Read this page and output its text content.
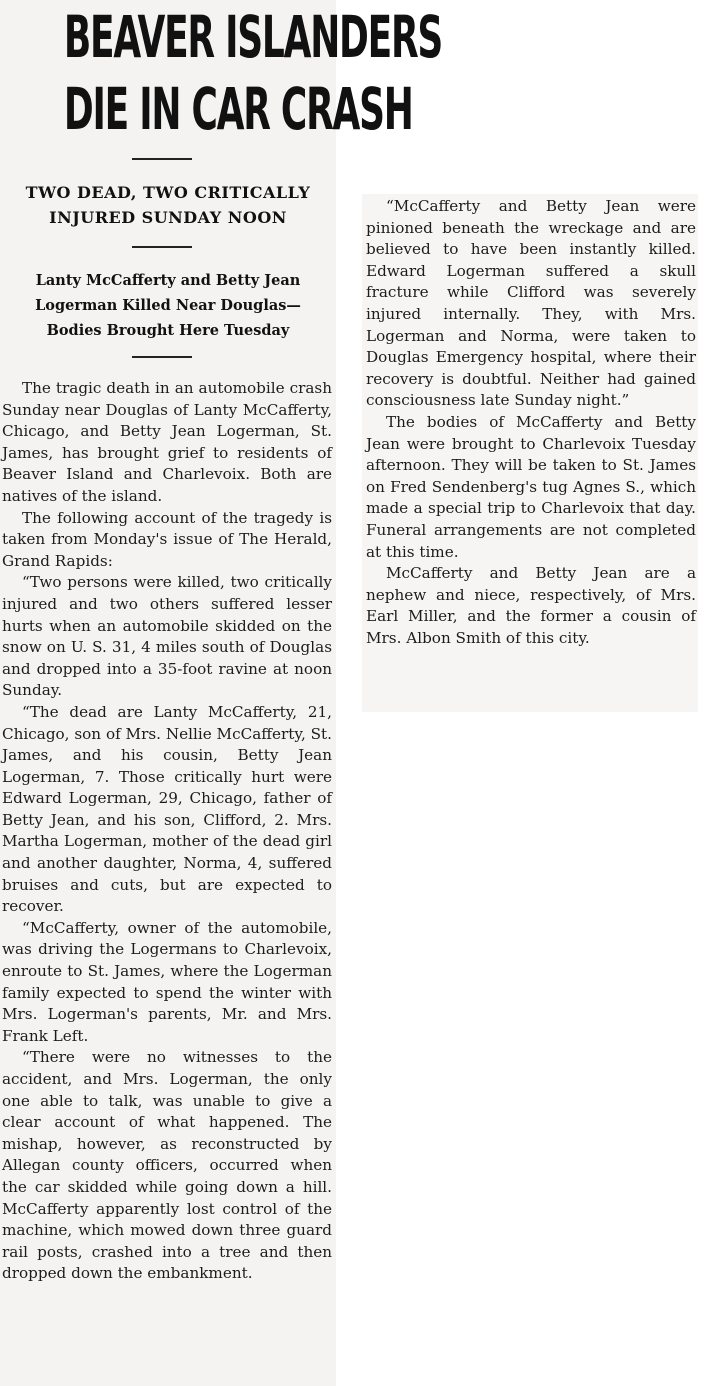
BEAVER ISLANDERS
DIE IN CAR CRASH
TWO DEAD, TWO CRITICALLY
INJURED SUNDAY NOON
Lanty McCafferty and Betty Jean
Logerman Killed Near Douglas—
Bodies Brought Here Tuesday

The tragic death in an automobile crash Sunday near Douglas of Lanty McCafferty, Chicago, and Betty Jean Logerman, St. James, has brought grief to residents of Beaver Island and Charlevoix. Both are natives of the island.

The following account of the tragedy is taken from Monday's issue of The Herald, Grand Rapids:

“Two persons were killed, two critically injured and two others suffered lesser hurts when an automobile skidded on the snow on U. S. 31, 4 miles south of Douglas and dropped into a 35-foot ravine at noon Sunday.

“The dead are Lanty McCafferty, 21, Chicago, son of Mrs. Nellie McCafferty, St. James, and his cousin, Betty Jean Logerman, 7. Those critically hurt were Edward Logerman, 29, Chicago, father of Betty Jean, and his son, Clifford, 2. Mrs. Martha Logerman, mother of the dead girl and another daughter, Norma, 4, suffered bruises and cuts, but are expected to recover.

“McCafferty, owner of the automobile, was driving the Logermans to Charlevoix, enroute to St. James, where the Logerman family expected to spend the winter with Mrs. Logerman's parents, Mr. and Mrs. Frank Left.

“There were no witnesses to the accident, and Mrs. Logerman, the only one able to talk, was unable to give a clear account of what happened. The mishap, however, as reconstructed by Allegan county officers, occurred when the car skidded while going down a hill. McCafferty apparently lost control of the machine, which mowed down three guard rail posts, crashed into a tree and then dropped down the embankment.

“McCafferty and Betty Jean were pinioned beneath the wreckage and are believed to have been instantly killed. Edward Logerman suffered a skull fracture while Clifford was severely injured internally. They, with Mrs. Logerman and Norma, were taken to Douglas Emergency hospital, where their recovery is doubtful. Neither had gained consciousness late Sunday night.”

The bodies of McCafferty and Betty Jean were brought to Charlevoix Tuesday afternoon. They will be taken to St. James on Fred Sendenberg's tug Agnes S., which made a special trip to Charlevoix that day. Funeral arrangements are not completed at this time.

McCafferty and Betty Jean are a nephew and niece, respectively, of Mrs. Earl Miller, and the former a cousin of Mrs. Albon Smith of this city.
